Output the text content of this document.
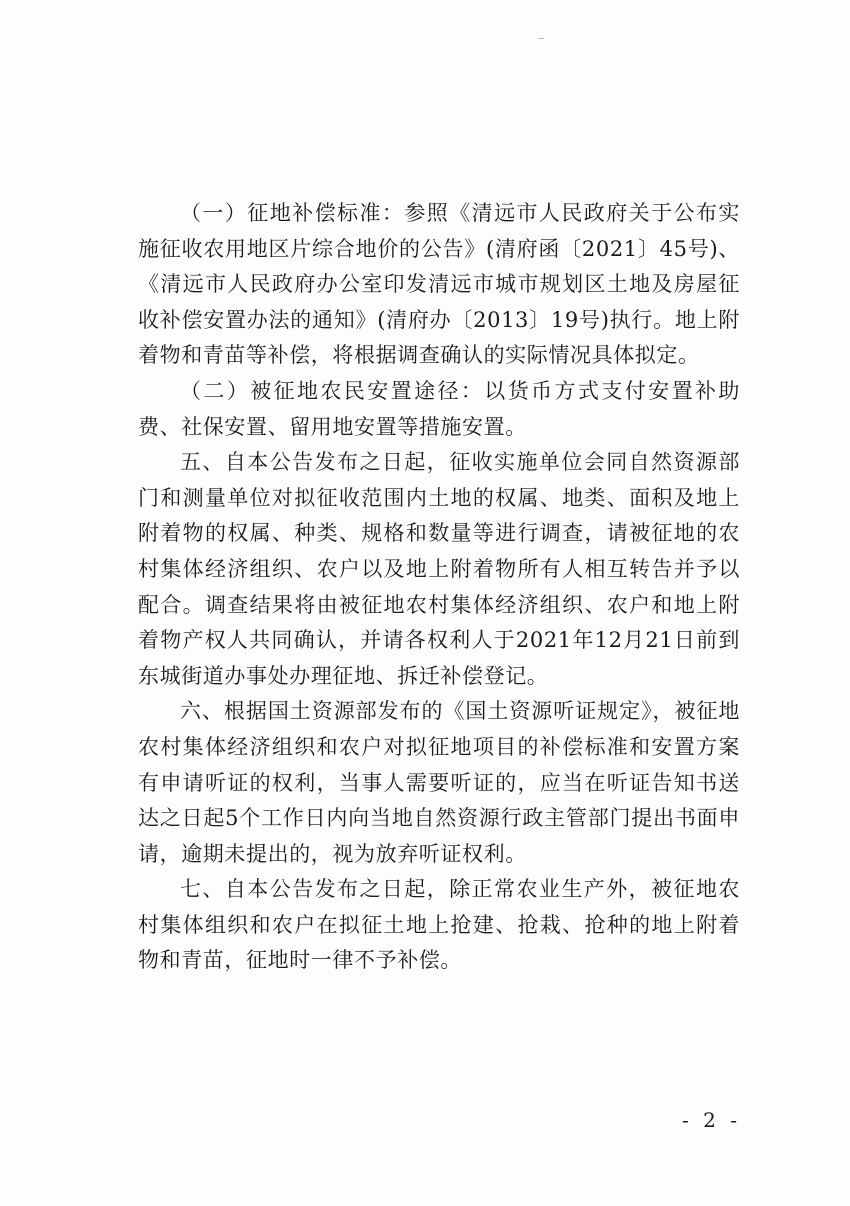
（一）征地补偿标准：参照《清远市人民政府关于公布实施征收农用地区片综合地价的公告》(清府函〔2021〕45号)、《清远市人民政府办公室印发清远市城市规划区土地及房屋征收补偿安置办法的通知》(清府办〔2013〕19号)执行。地上附着物和青苗等补偿，将根据调查确认的实际情况具体拟定。

（二）被征地农民安置途径：以货币方式支付安置补助费、社保安置、留用地安置等措施安置。

五、自本公告发布之日起，征收实施单位会同自然资源部门和测量单位对拟征收范围内土地的权属、地类、面积及地上附着物的权属、种类、规格和数量等进行调查，请被征地的农村集体经济组织、农户以及地上附着物所有人相互转告并予以配合。调查结果将由被征地农村集体经济组织、农户和地上附着物产权人共同确认，并请各权利人于2021年12月21日前到东城街道办事处办理征地、拆迁补偿登记。

六、根据国土资源部发布的《国土资源听证规定》，被征地农村集体经济组织和农户对拟征地项目的补偿标准和安置方案有申请听证的权利，当事人需要听证的，应当在听证告知书送达之日起5个工作日内向当地自然资源行政主管部门提出书面申请，逾期未提出的，视为放弃听证权利。

七、自本公告发布之日起，除正常农业生产外，被征地农村集体组织和农户在拟征土地上抢建、抢栽、抢种的地上附着物和青苗，征地时一律不予补偿。

- 2 -
